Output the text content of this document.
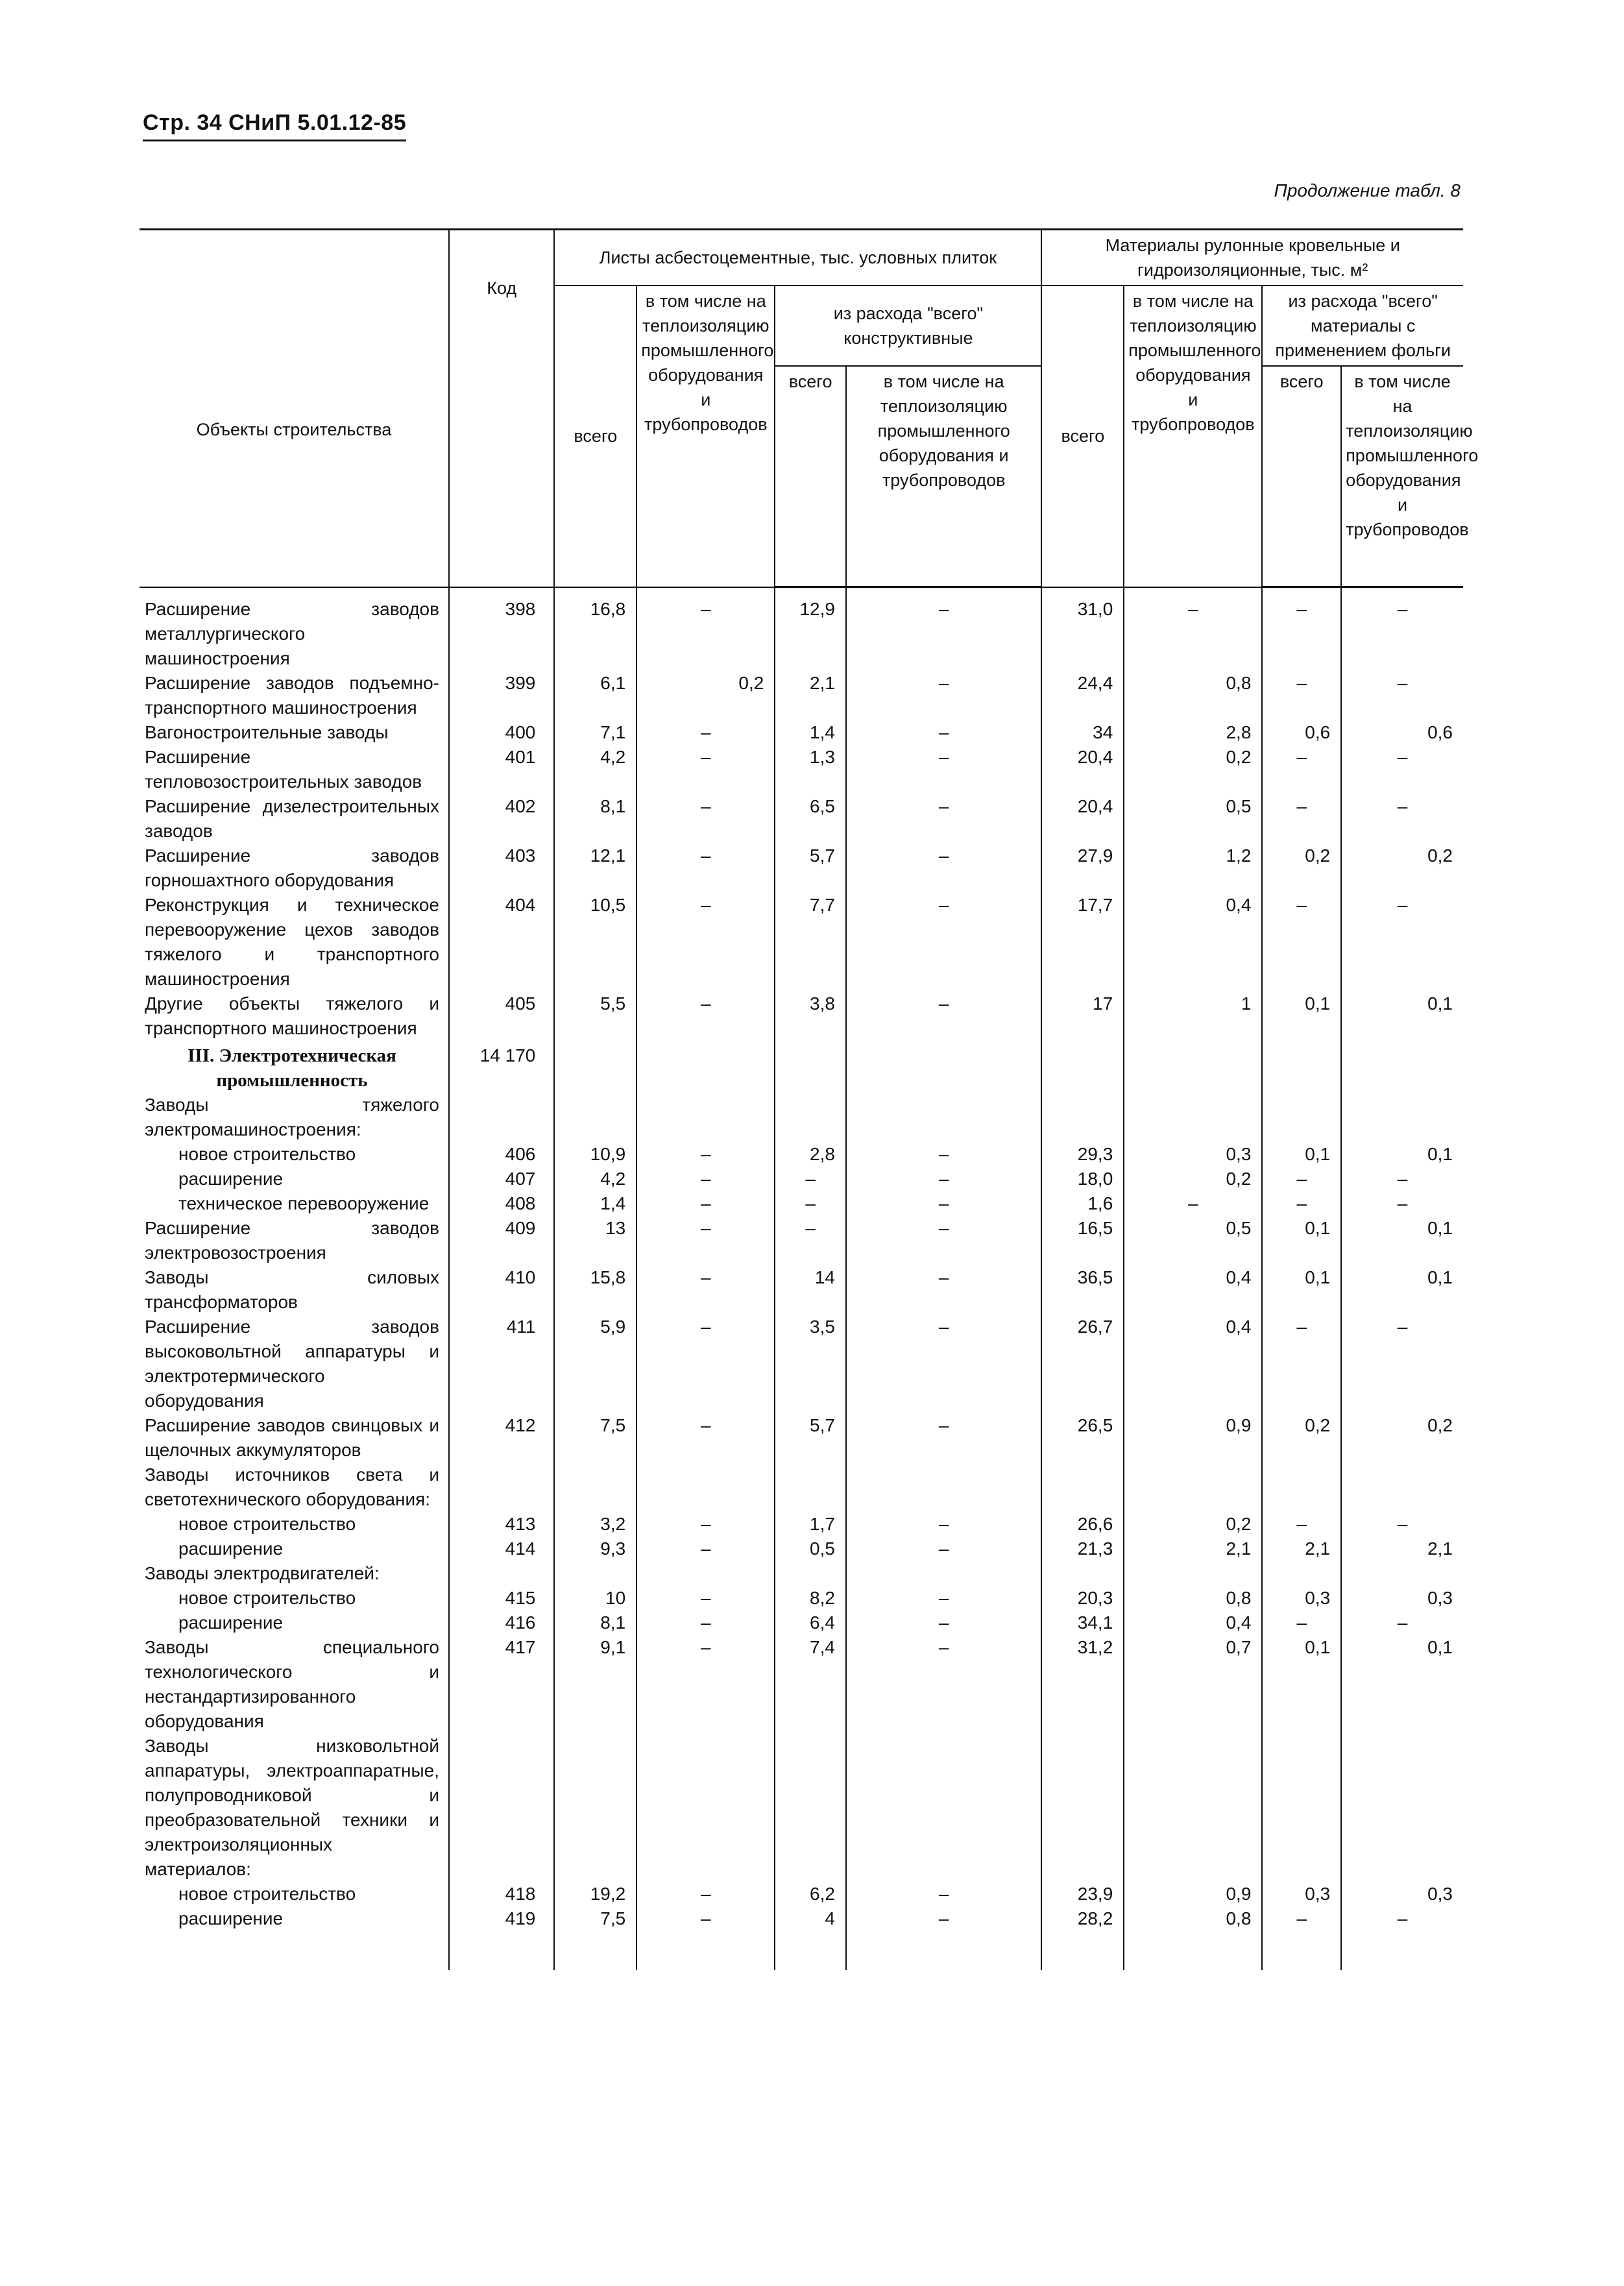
Стр. 34 СНиП 5.01.12-85
Продолжение табл. 8
Объекты строительства	Код	Листы асбестоцементные, тыс. условных плиток				Материалы рулонные кровельные и гидроизоляционные, тыс. м²			
		всего	в том числе на теплоизоляцию промышленного оборудования и трубопроводов	из расхода "всего" конструктивные		всего	в том числе на теплоизоляцию промышленного оборудования и трубопроводов	из расхода "всего" материалы с применением фольги	
				всего	в том числе на теплоизоляцию промышленного оборудования и трубопроводов			всего	в том числе на теплоизоляцию промышленного оборудования и трубопроводов

Расширение заводов металлургического машиностроения	398	16,8	–	12,9	–	31,0	–	–	–
Расширение заводов подъемно-транспортного машиностроения	399	6,1	0,2	2,1	–	24,4	0,8	–	–
Вагоностроительные заводы	400	7,1	–	1,4	–	34	2,8	0,6	0,6
Расширение тепловозостроительных заводов	401	4,2	–	1,3	–	20,4	0,2	–	–
Расширение дизелестроительных заводов	402	8,1	–	6,5	–	20,4	0,5	–	–
Расширение заводов горношахтного оборудования	403	12,1	–	5,7	–	27,9	1,2	0,2	0,2
Реконструкция и техническое перевооружение цехов заводов тяжелого и транспортного машиностроения	404	10,5	–	7,7	–	17,7	0,4	–	–
Другие объекты тяжелого и транспортного машиностроения	405	5,5	–	3,8	–	17	1	0,1	0,1
III. Электротехническая промышленность	14 170								
Заводы тяжелого электромашиностроения:									
новое строительство	406	10,9	–	2,8	–	29,3	0,3	0,1	0,1
расширение	407	4,2	–	–	–	18,0	0,2	–	–
техническое перевооружение	408	1,4	–	–	–	1,6	–	–	–
Расширение заводов электровозостроения	409	13	–	–	–	16,5	0,5	0,1	0,1
Заводы силовых трансформаторов	410	15,8	–	14	–	36,5	0,4	0,1	0,1
Расширение заводов высоковольтной аппаратуры и электротермического оборудования	411	5,9	–	3,5	–	26,7	0,4	–	–
Расширение заводов свинцовых и щелочных аккумуляторов	412	7,5	–	5,7	–	26,5	0,9	0,2	0,2
Заводы источников света и светотехнического оборудования:									
новое строительство	413	3,2	–	1,7	–	26,6	0,2	–	–
расширение	414	9,3	–	0,5	–	21,3	2,1	2,1	2,1
Заводы электродвигателей:									
новое строительство	415	10	–	8,2	–	20,3	0,8	0,3	0,3
расширение	416	8,1	–	6,4	–	34,1	0,4	–	–
Заводы специального технологического и нестандартизированного оборудования	417	9,1	–	7,4	–	31,2	0,7	0,1	0,1
Заводы низковольтной аппаратуры, электроаппаратные, полупроводниковой и преобразовательной техники и электроизоляционных материалов:									
новое строительство	418	19,2	–	6,2	–	23,9	0,9	0,3	0,3
расширение	419	7,5	–	4	–	28,2	0,8	–	–
